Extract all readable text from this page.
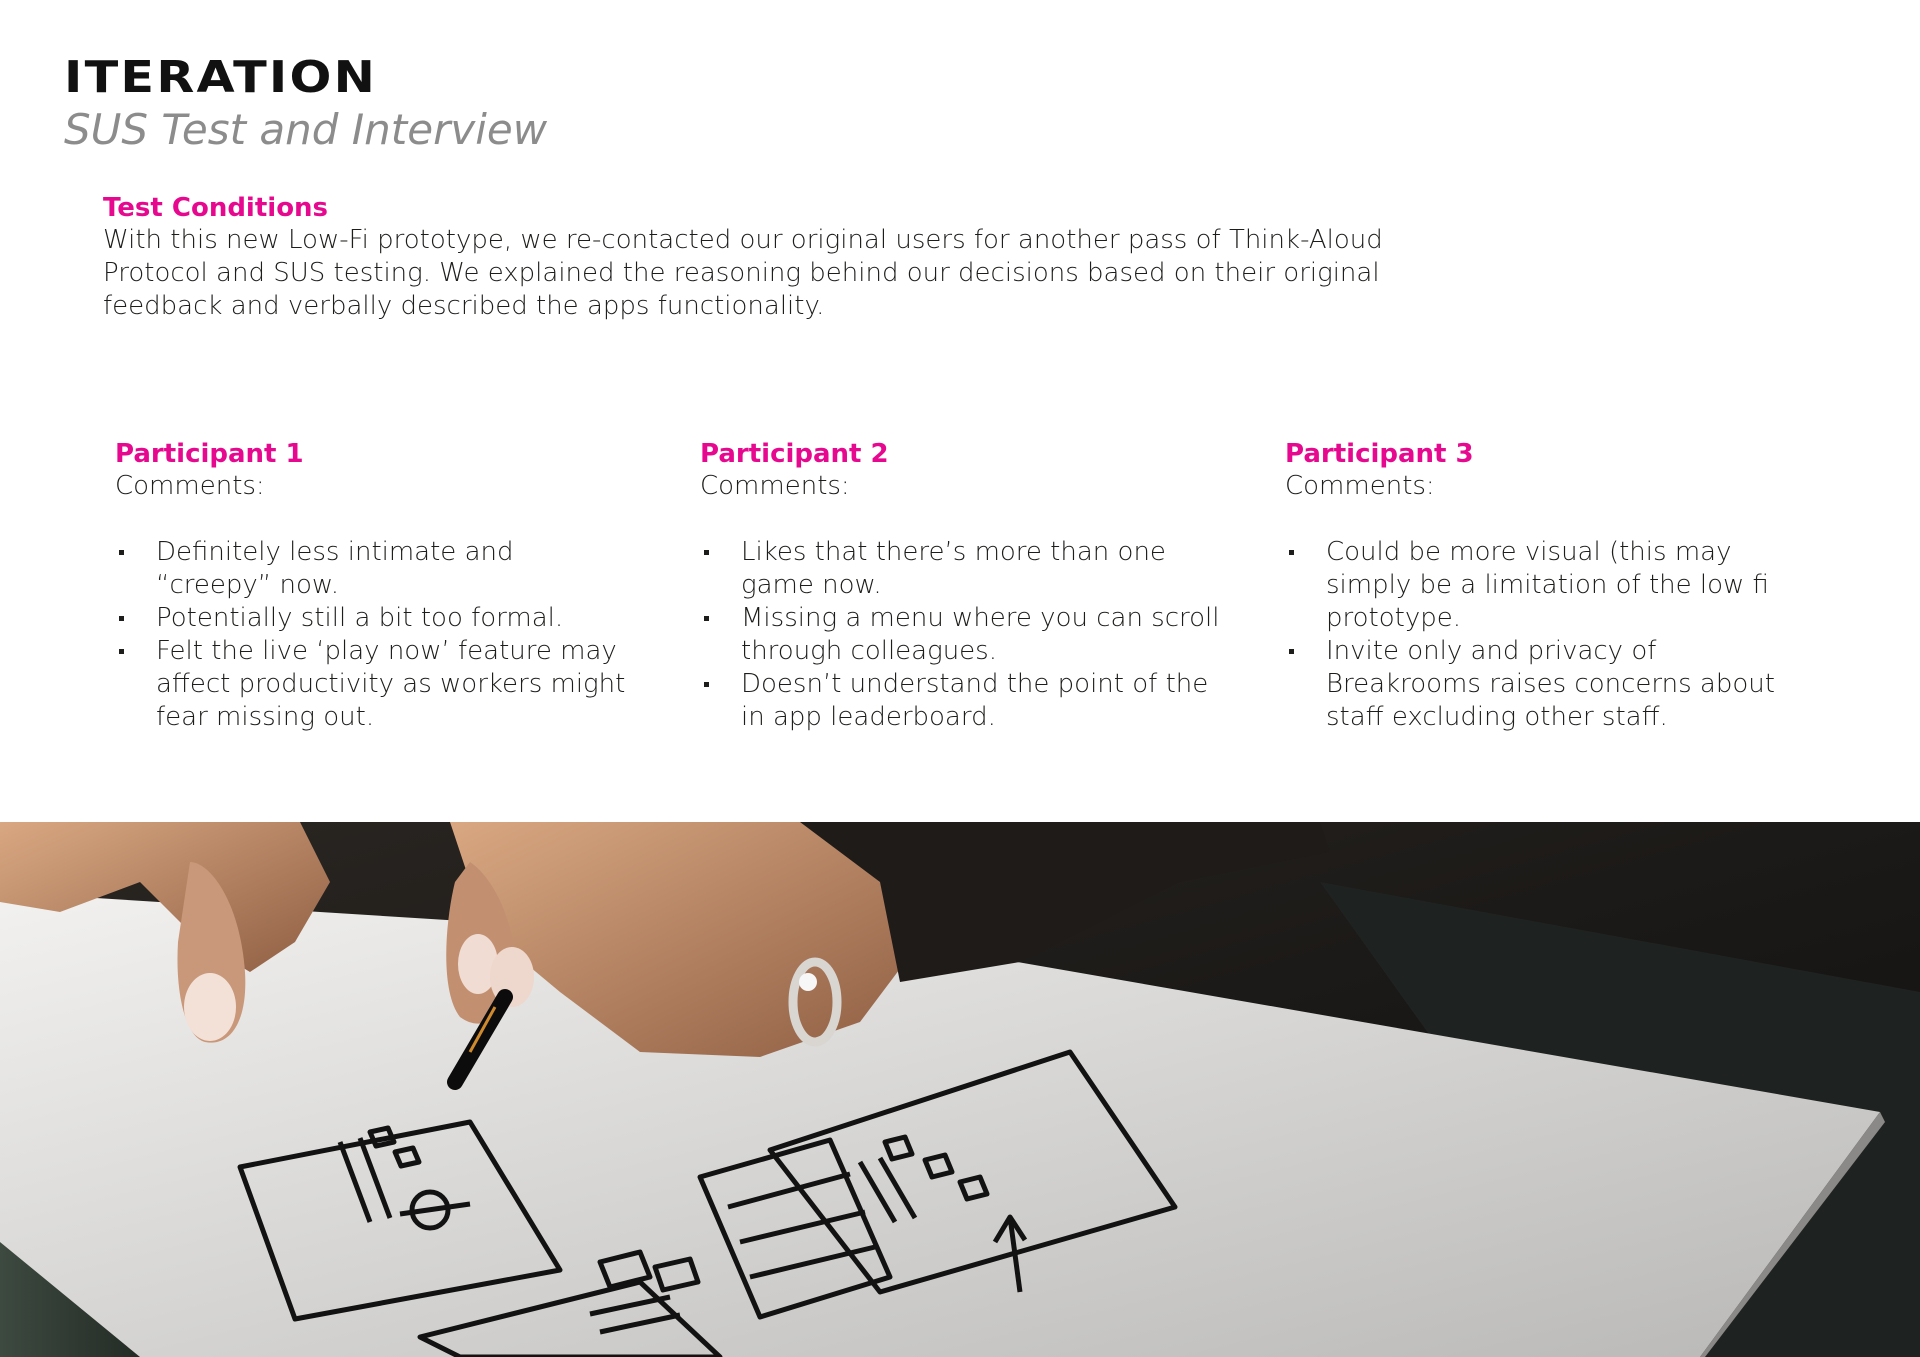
ITERATION
SUS Test and Interview
Test Conditions
With this new Low-Fi prototype, we re-contacted our original users for another pass of Think-Aloud Protocol and SUS testing. We explained the reasoning behind our decisions based on their original feedback and verbally described the apps functionality.
Participant 1
Comments:
Definitely less intimate and “creepy” now.
Potentially still a bit too formal.
Felt the live ‘play now’ feature may affect productivity as workers might fear missing out.
Participant 2
Comments:
Likes that there’s more than one game now.
Missing a menu where you can scroll through colleagues.
Doesn’t understand the point of the in app leaderboard.
Participant 3
Comments:
Could be more visual (this may simply be a limitation of the low fi prototype.
Invite only and privacy of Breakrooms raises concerns about staff excluding other staff.
